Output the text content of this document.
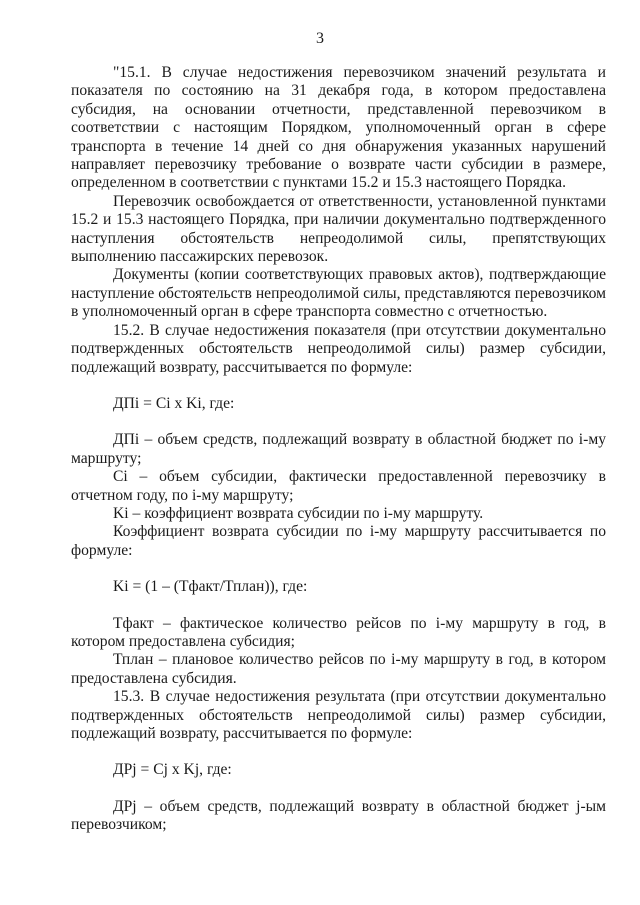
3

"15.1. В случае недостижения перевозчиком значений результата и показателя по состоянию на 31 декабря года, в котором предоставлена субсидия, на основании отчетности, представленной перевозчиком в соответствии с настоящим Порядком, уполномоченный орган в сфере транспорта в течение 14 дней со дня обнаружения указанных нарушений направляет перевозчику требование о возврате части субсидии в размере, определенном в соответствии с пунктами 15.2 и 15.3 настоящего Порядка.

Перевозчик освобождается от ответственности, установленной пунктами 15.2 и 15.3 настоящего Порядка, при наличии документально подтвержденного наступления обстоятельств непреодолимой силы, препятствующих выполнению пассажирских перевозок.

Документы (копии соответствующих правовых актов), подтверждающие наступление обстоятельств непреодолимой силы, представляются перевозчиком в уполномоченный орган в сфере транспорта совместно с отчетностью.

15.2. В случае недостижения показателя (при отсутствии документально подтвержденных обстоятельств непреодолимой силы) размер субсидии, подлежащий возврату, рассчитывается по формуле:

ДПi = Ci x Ki, где:

ДПi – объем средств, подлежащий возврату в областной бюджет по i-му маршруту;

Ci – объем субсидии, фактически предоставленной перевозчику в отчетном году, по i-му маршруту;

Ki – коэффициент возврата субсидии по i-му маршруту.

Коэффициент возврата субсидии по i-му маршруту рассчитывается по формуле:

Ki = (1 – (Тфакт/Тплан)), где:

Тфакт – фактическое количество рейсов по i-му маршруту в год, в котором предоставлена субсидия;

Тплан – плановое количество рейсов по i-му маршруту в год, в котором предоставлена субсидия.

15.3. В случае недостижения результата (при отсутствии документально подтвержденных обстоятельств непреодолимой силы) размер субсидии, подлежащий возврату, рассчитывается по формуле:

ДРj = Cj x Kj, где:

ДРj – объем средств, подлежащий возврату в областной бюджет j-ым перевозчиком;
